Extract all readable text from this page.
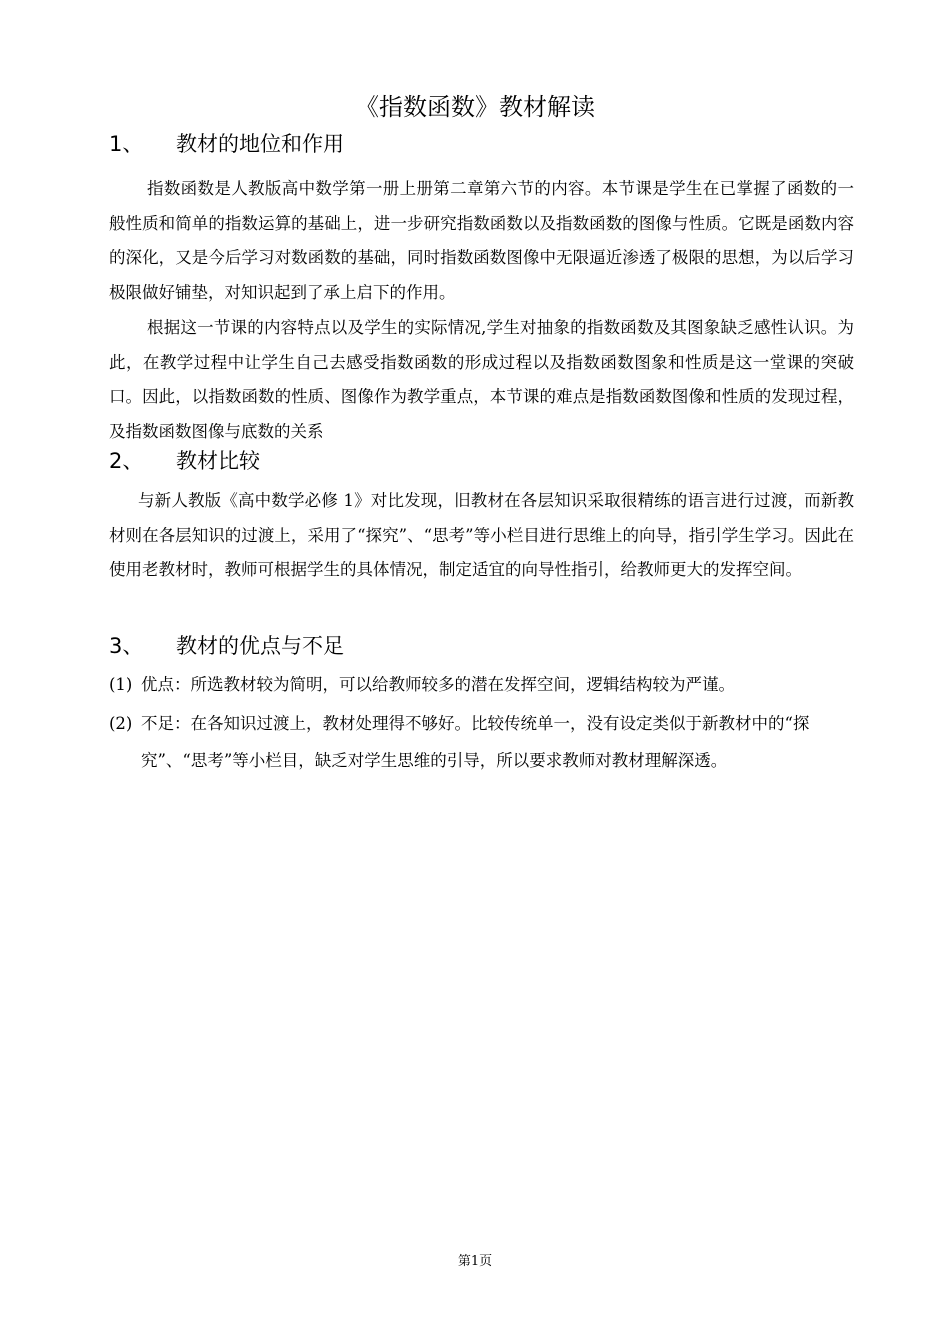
《指数函数》教材解读
1、 教材的地位和作用

指数函数是人教版高中数学第一册上册第二章第六节的内容。本节课是学生在已掌握了函数的一般性质和简单的指数运算的基础上，进一步研究指数函数以及指数函数的图像与性质。它既是函数内容的深化，又是今后学习对数函数的基础，同时指数函数图像中无限逼近渗透了极限的思想，为以后学习极限做好铺垫，对知识起到了承上启下的作用。

根据这一节课的内容特点以及学生的实际情况,学生对抽象的指数函数及其图象缺乏感性认识。为此，在教学过程中让学生自己去感受指数函数的形成过程以及指数函数图象和性质是这一堂课的突破口。因此，以指数函数的性质、图像作为教学重点，本节课的难点是指数函数图像和性质的发现过程，及指数函数图像与底数的关系

2、 教材比较

与新人教版《高中数学必修 1》对比发现，旧教材在各层知识采取很精练的语言进行过渡，而新教材则在各层知识的过渡上，采用了“探究”、“思考”等小栏目进行思维上的向导，指引学生学习。因此在使用老教材时，教师可根据学生的具体情况，制定适宜的向导性指引，给教师更大的发挥空间。

3、 教材的优点与不足
(1) 优点：所选教材较为简明，可以给教师较多的潜在发挥空间，逻辑结构较为严谨。
(2) 不足：在各知识过渡上，教材处理得不够好。比较传统单一，没有设定类似于新教材中的“探究”、“思考”等小栏目，缺乏对学生思维的引导，所以要求教师对教材理解深透。
第1页
